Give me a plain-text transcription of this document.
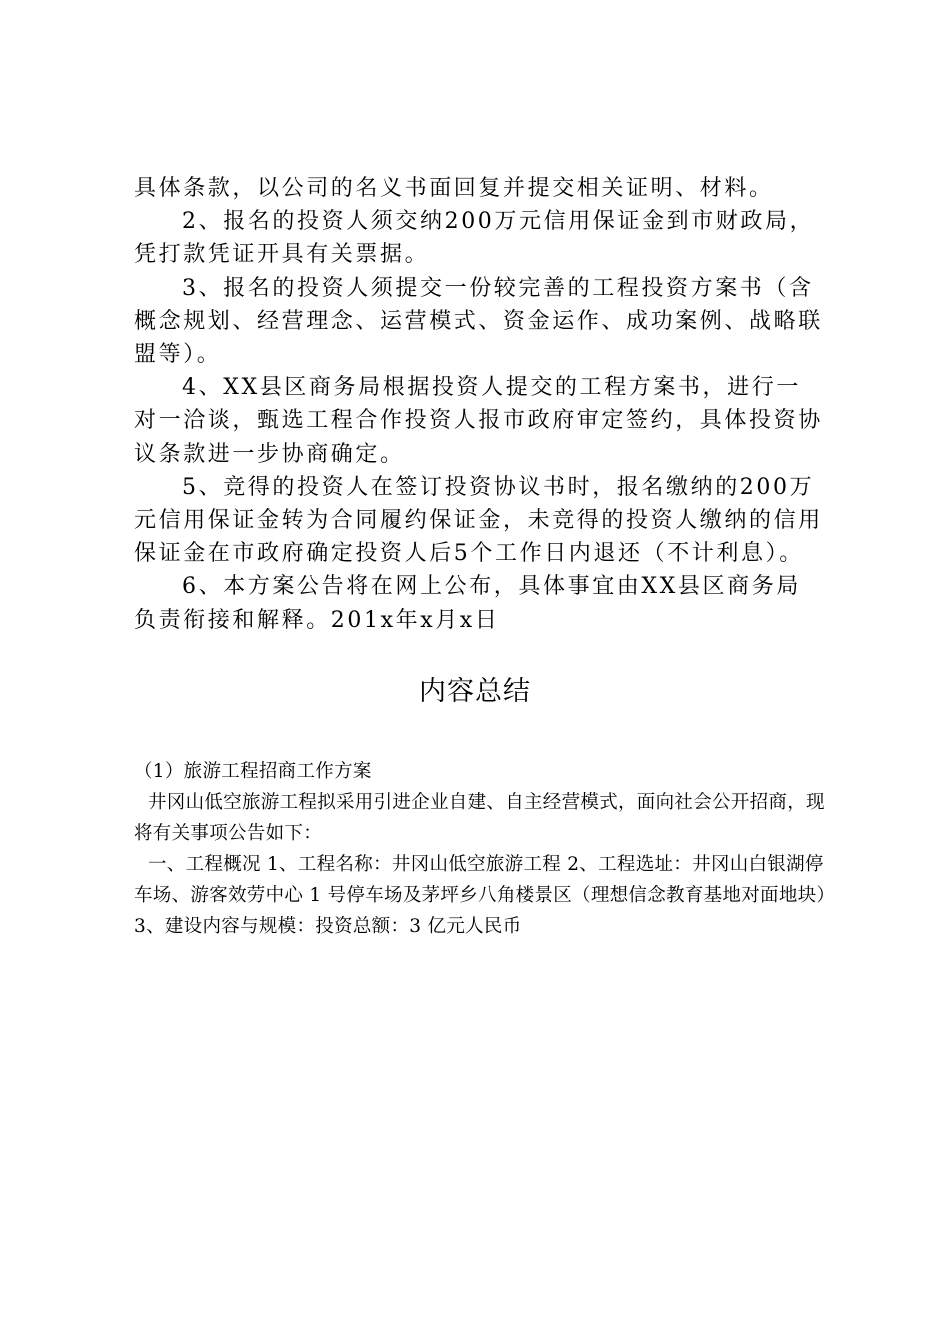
具体条款，以公司的名义书面回复并提交相关证明、材料。

2、报名的投资人须交纳200万元信用保证金到市财政局，凭打款凭证开具有关票据。

3、报名的投资人须提交一份较完善的工程投资方案书（含概念规划、经营理念、运营模式、资金运作、成功案例、战略联盟等）。

4、XX县区商务局根据投资人提交的工程方案书，进行一对一洽谈，甄选工程合作投资人报市政府审定签约，具体投资协议条款进一步协商确定。

5、竞得的投资人在签订投资协议书时，报名缴纳的200万元信用保证金转为合同履约保证金，未竞得的投资人缴纳的信用保证金在市政府确定投资人后5个工作日内退还（不计利息）。

6、本方案公告将在网上公布，具体事宜由XX县区商务局负责衔接和解释。201x年x月x日

内容总结

（1）旅游工程招商工作方案

井冈山低空旅游工程拟采用引进企业自建、自主经营模式，面向社会公开招商，现将有关事项公告如下：

一、工程概况 1、工程名称：井冈山低空旅游工程 2、工程选址：井冈山白银湖停车场、游客效劳中心 1 号停车场及茅坪乡八角楼景区（理想信念教育基地对面地块）3、建设内容与规模：投资总额：3 亿元人民币
